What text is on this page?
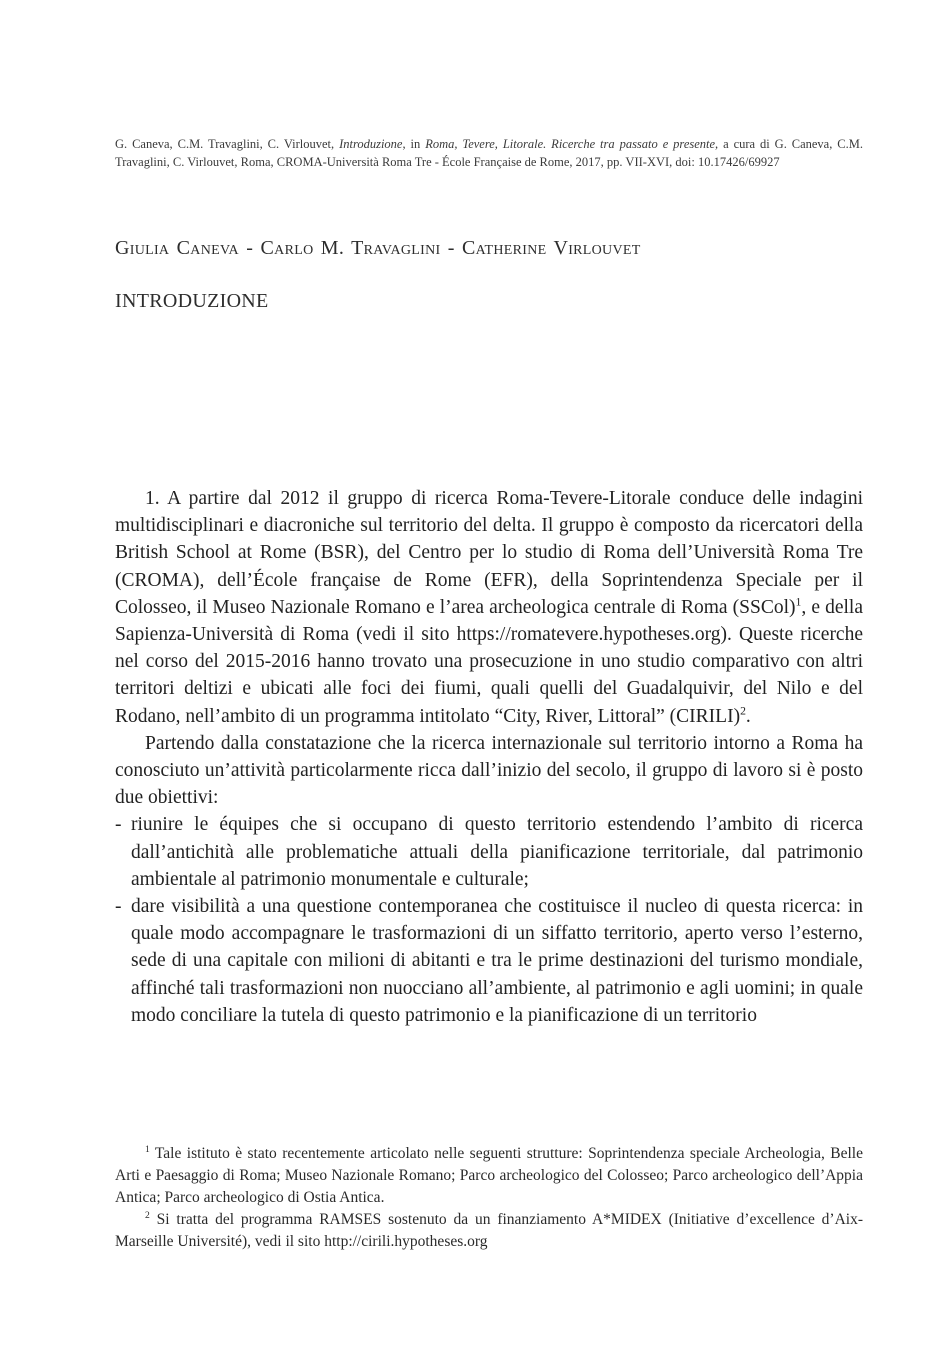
G. Caneva, C.M. Travaglini, C. Virlouvet, Introduzione, in Roma, Tevere, Litorale. Ricerche tra passato e presente, a cura di G. Caneva, C.M. Travaglini, C. Virlouvet, Roma, CROMA-Università Roma Tre - École Française de Rome, 2017, pp. VII-XVI, doi: 10.17426/69927
Giulia Caneva - Carlo M. Travaglini - Catherine Virlouvet
INTRODUZIONE

1. A partire dal 2012 il gruppo di ricerca Roma-Tevere-Litorale conduce delle indagini multidisciplinari e diacroniche sul territorio del delta. Il gruppo è composto da ricercatori della British School at Rome (BSR), del Centro per lo studio di Roma dell’Università Roma Tre (CROMA), dell’École française de Rome (EFR), della Soprintendenza Speciale per il Colosseo, il Museo Nazionale Romano e l’area archeologica centrale di Roma (SSCol)$^1$, e della Sapienza-Università di Roma (vedi il sito https://romatevere.hypotheses.org). Queste ricerche nel corso del 2015-2016 hanno trovato una prosecuzione in uno studio comparativo con altri territori deltizi e ubicati alle foci dei fiumi, quali quelli del Guadalquivir, del Nilo e del Rodano, nell’ambito di un programma intitolato “City, River, Littoral” (CIRILI)$^2$.

Partendo dalla constatazione che la ricerca internazionale sul territorio intorno a Roma ha conosciuto un’attività particolarmente ricca dall’inizio del secolo, il gruppo di lavoro si è posto due obiettivi:

- riunire le équipes che si occupano di questo territorio estendendo l’ambito di ricerca dall’antichità alle problematiche attuali della pianificazione territoriale, dal patrimonio ambientale al patrimonio monumentale e culturale;
- dare visibilità a una questione contemporanea che costituisce il nucleo di questa ricerca: in quale modo accompagnare le trasformazioni di un siffatto territorio, aperto verso l’esterno, sede di una capitale con milioni di abitanti e tra le prime destinazioni del turismo mondiale, affinché tali trasformazioni non nuocciano all’ambiente, al patrimonio e agli uomini; in quale modo conciliare la tutela di questo patrimonio e la pianificazione di un territorio

$^1$ Tale istituto è stato recentemente articolato nelle seguenti strutture: Soprintendenza speciale Archeologia, Belle Arti e Paesaggio di Roma; Museo Nazionale Romano; Parco archeologico del Colosseo; Parco archeologico dell’Appia Antica; Parco archeologico di Ostia Antica.

$^2$ Si tratta del programma RAMSES sostenuto da un finanziamento A*MIDEX (Initiative d’excellence d’Aix-Marseille Université), vedi il sito http://cirili.hypotheses.org
